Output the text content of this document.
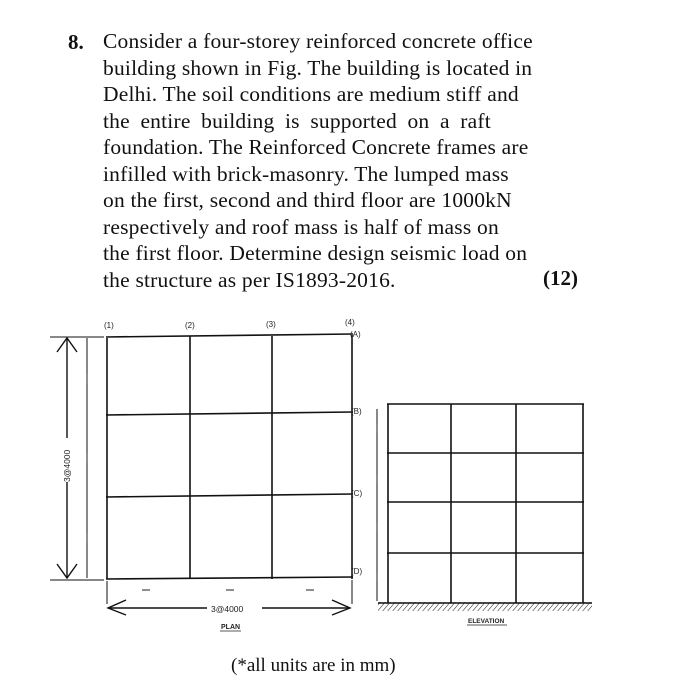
8. Consider a four-storey reinforced concrete office
building shown in Fig. The building is located in
Delhi. The soil conditions are medium stiff and
the entire building is supported on a raft
foundation. The Reinforced Concrete frames are
infilled with brick-masonry. The lumped mass
on the first, second and third floor are 1000kN
respectively and roof mass is half of mass on
the first floor. Determine design seismic load on
the structure as per IS1893-2016.	(12)
(1)	(2)	(3)	(4)
(A)
(B)
(C)
(D)
3@4000
3@4000
PLAN
ELEVATION
(*all units are in mm)
